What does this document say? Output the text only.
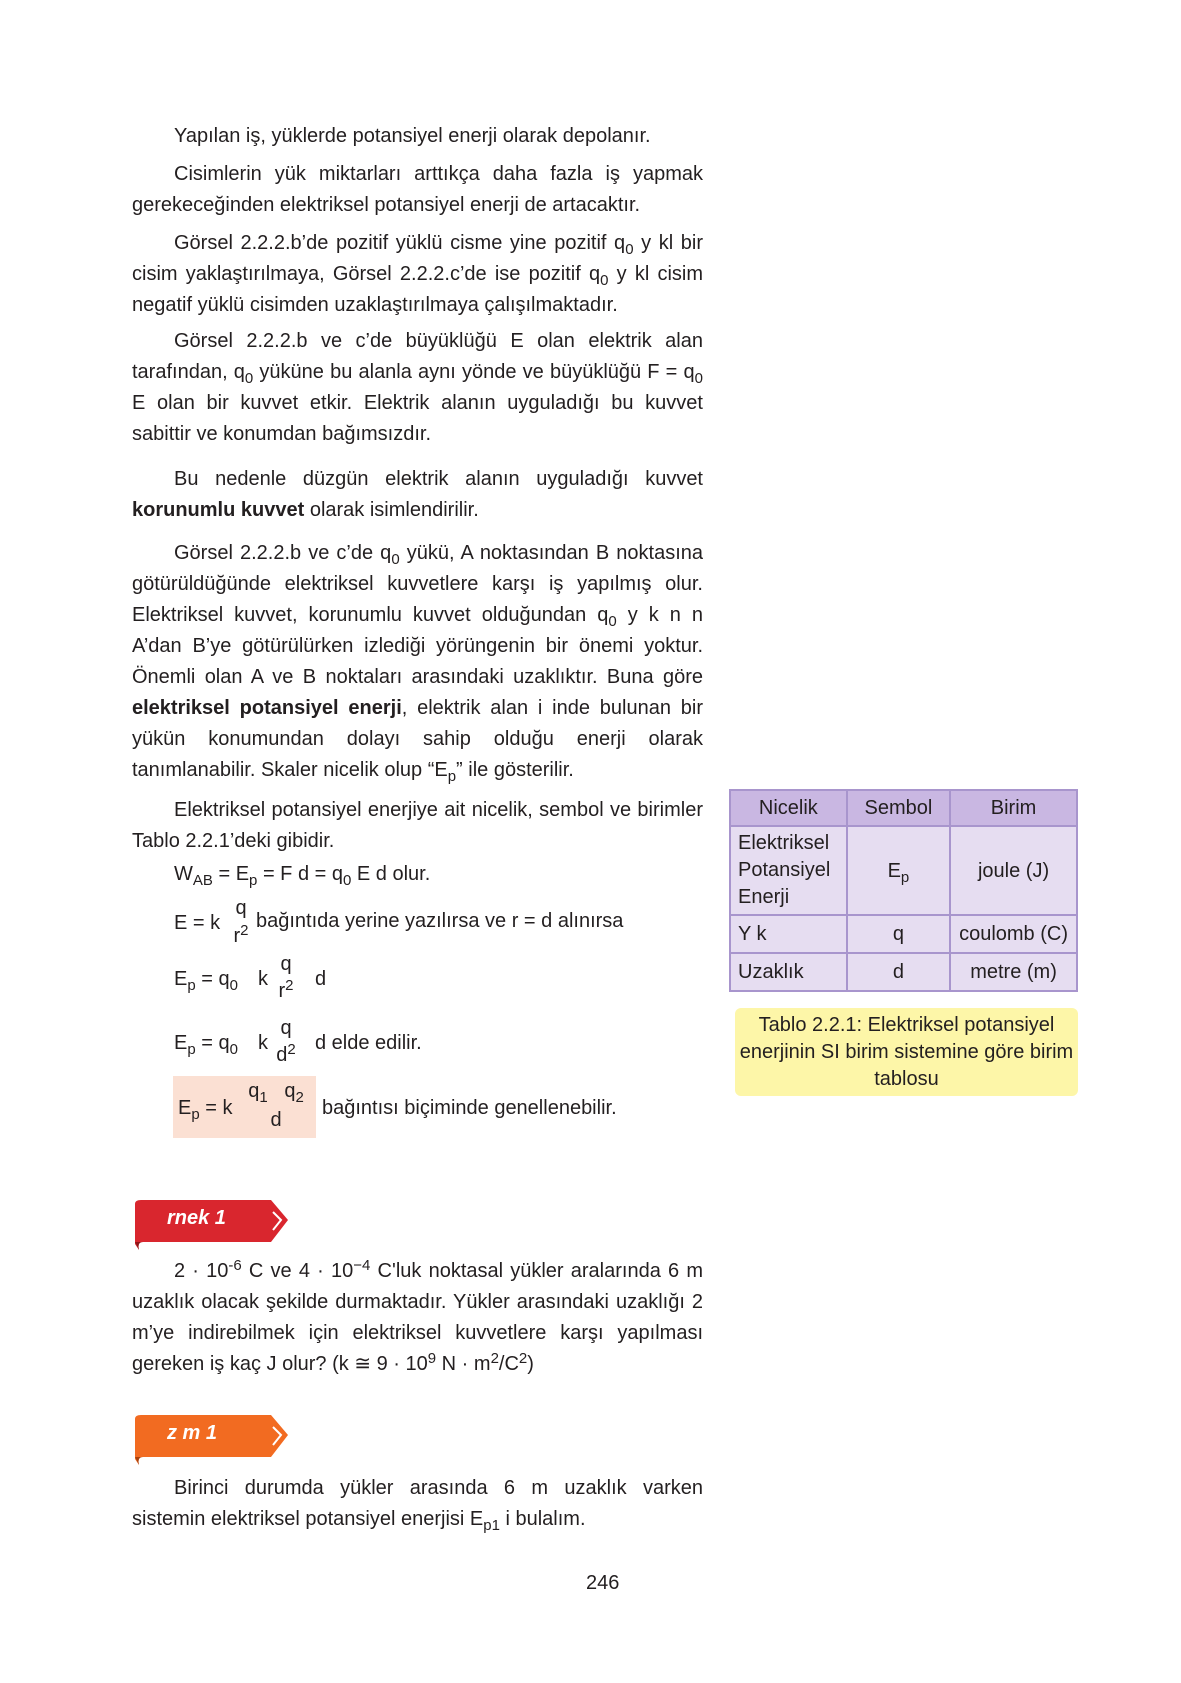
Yapılan iş, yüklerde potansiyel enerji olarak depolanır.

Cisimlerin yük miktarları arttıkça daha fazla iş yapmak gerekeceğinden elektriksel potansiyel enerji de artacaktır.

Görsel 2.2.2.b’de pozitif yüklü cisme yine pozitif $q_0$ y kl bir cisim yaklaştırılmaya, Görsel 2.2.2.c’de ise pozitif $q_0$ y kl cisim negatif yüklü cisimden uzaklaştırılmaya çalışılmaktadır.

Görsel 2.2.2.b ve c’de büyüklüğü E olan elektrik alan tarafından, $q_0$ yüküne bu alanla aynı yönde ve büyüklüğü $F = q_0$ E olan bir kuvvet etkir. Elektrik alanın uyguladığı bu kuvvet sabittir ve konumdan bağımsızdır.

Bu nedenle düzgün elektrik alanın uyguladığı kuvvet korunumlu kuvvet olarak isimlendirilir.

Görsel 2.2.2.b ve c’de $q_0$ yükü, A noktasından B noktasına götürüldüğünde elektriksel kuvvetlere karşı iş yapılmış olur. Elektriksel kuvvet, korunumlu kuvvet olduğundan $q_0$ y k n n A’dan B’ye götürülürken izlediği yörüngenin bir önemi yoktur. Önemli olan A ve B noktaları arasındaki uzaklıktır. Buna göre elektriksel potansiyel enerji, elektrik alan i inde bulunan bir yükün konumundan dolayı sahip olduğu enerji olarak tanımlanabilir. Skaler nicelik olup “$E_p$” ile gösterilir.

Elektriksel potansiyel enerjiye ait nicelik, sembol ve birimler Tablo 2.2.1’deki gibidir.

$W_{AB} = E_p = F$ $d = q_0$ E d olur.
E = k
q
$r^2$ bağıntıda yerine yazılırsa ve r = d alınırsa
$E_p = q_0$ k
q
$r^2$ d
$E_p = q_0$ k
q
$d^2$ d elde edilir.
$E_p = k$
$q_1$ $q_2$
d
bağıntısı biçiminde genellenebilir.
Nicelik	Sembol	Birim
Elektriksel Potansiyel Enerji	$E_p$	joule (J)
Y k	q	coulomb (C)
Uzaklık	d	metre (m)
Tablo 2.2.1: Elektriksel potansiyel enerjinin SI birim sistemine göre birim tablosu
rnek 1

$2 \cdot 10^{-6}$ C ve $4 \cdot 10^{-4}$ C'luk noktasal yükler aralarında 6 m uzaklık olacak şekilde durmaktadır. Yükler arasındaki uzaklığı 2 m’ye indirebilmek için elektriksel kuvvetlere karşı yapılması gereken iş kaç J olur? (k ≅ $9 \cdot 10^9$ $N \cdot m^2/C^2$)

z m 1

Birinci durumda yükler arasında 6 m uzaklık varken sistemin elektriksel potansiyel enerjisi $E_{p1}$ i bulalım.

246
